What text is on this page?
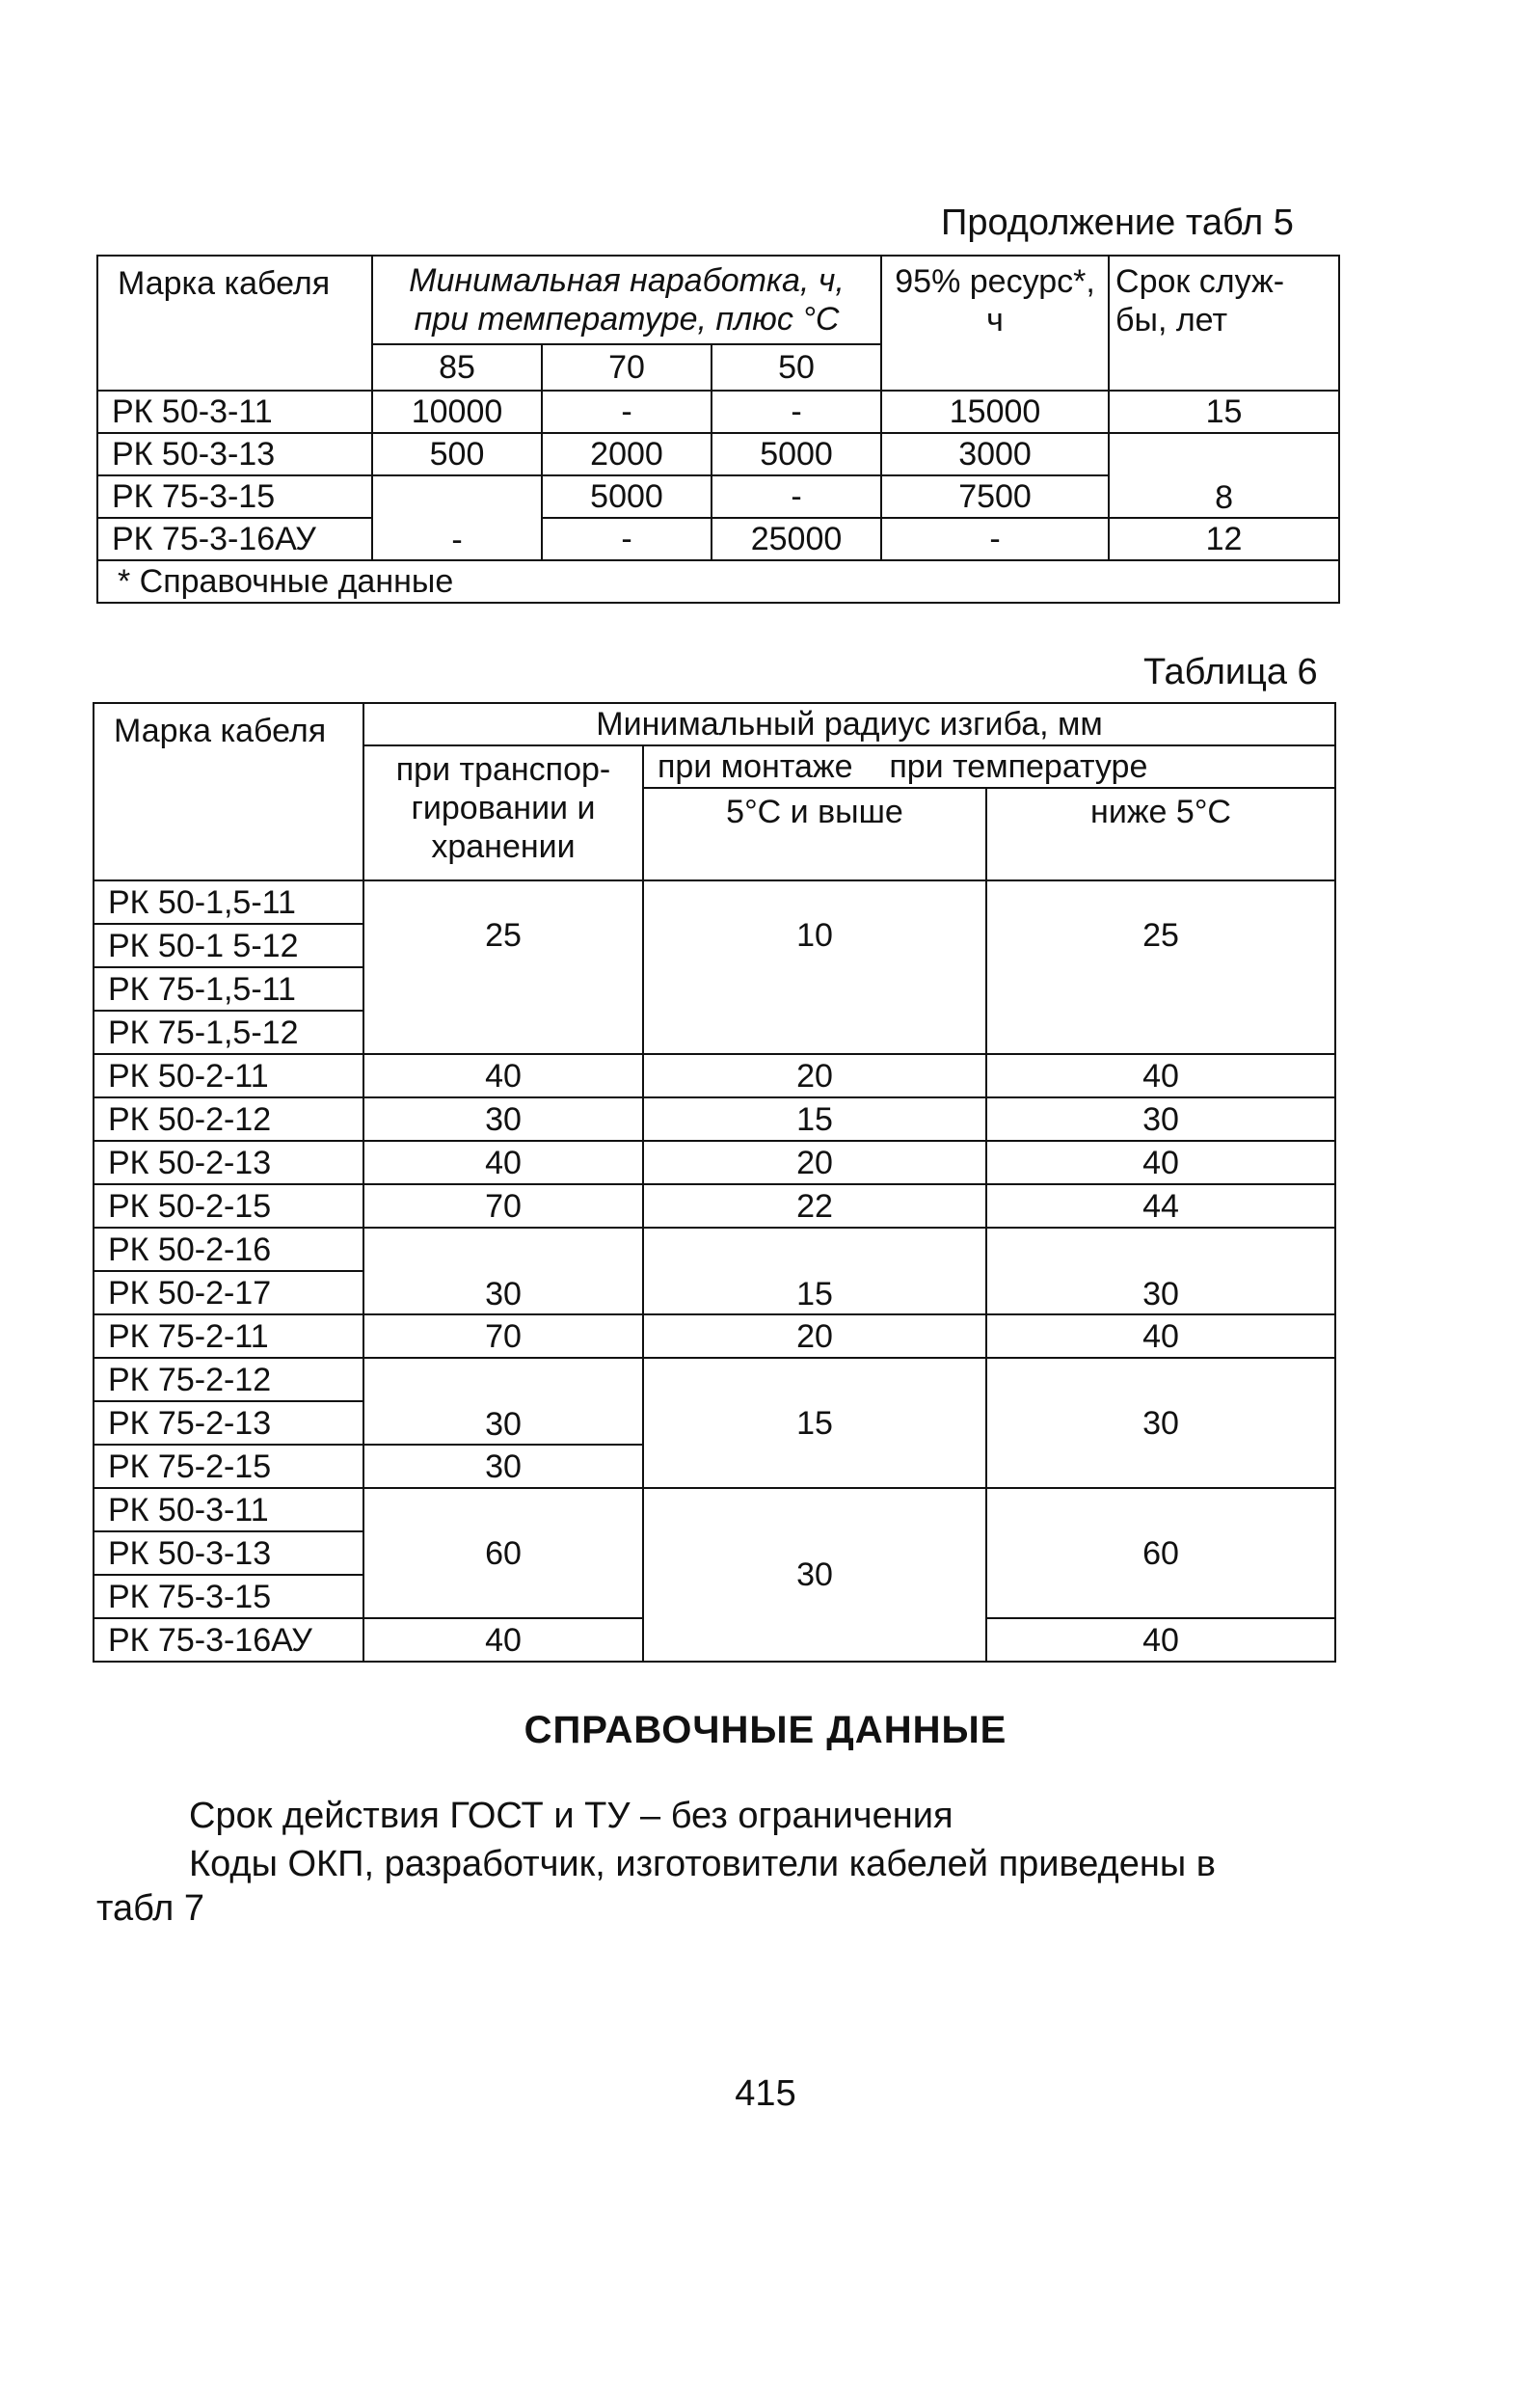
Продолжение табл 5
Марка кабеля	Минимальная наработка, ч, при температуре, плюс °C			95% ресурс*, ч	Срок служ-бы, лет
	85	70	50		
РК 50-3-11	10000	-	-	15000	15
РК 50-3-13	500	2000	5000	3000	8
РК 75-3-15	-	5000	-	7500	
РК 75-3-16АУ		-	25000	-	12
* Справочные данные					
Таблица 6
Марка кабеля	Минимальный радиус изгиба, мм		
	при транспор-гировании и хранении	при монтаже    при температуре	
		5°C и выше	ниже 5°C
РК 50-1,5-11	25	10	25
РК 50-1 5-12			
РК 75-1,5-11			
РК 75-1,5-12			
РК 50-2-11	40	20	40
РК 50-2-12	30	15	30
РК 50-2-13	40	20	40
РК 50-2-15	70	22	44
РК 50-2-16	30	15	30
РК 50-2-17			
РК 75-2-11	70	20	40
РК 75-2-12	30	15	30
РК 75-2-13			
РК 75-2-15	30		
РК 50-3-11	60	30	60
РК 50-3-13			
РК 75-3-15			
РК 75-3-16АУ	40		40
СПРАВОЧНЫЕ ДАННЫЕ
Срок действия ГОСТ и ТУ – без ограничения
Коды ОКП, разработчик, изготовители кабелей приведены в
табл 7
415
